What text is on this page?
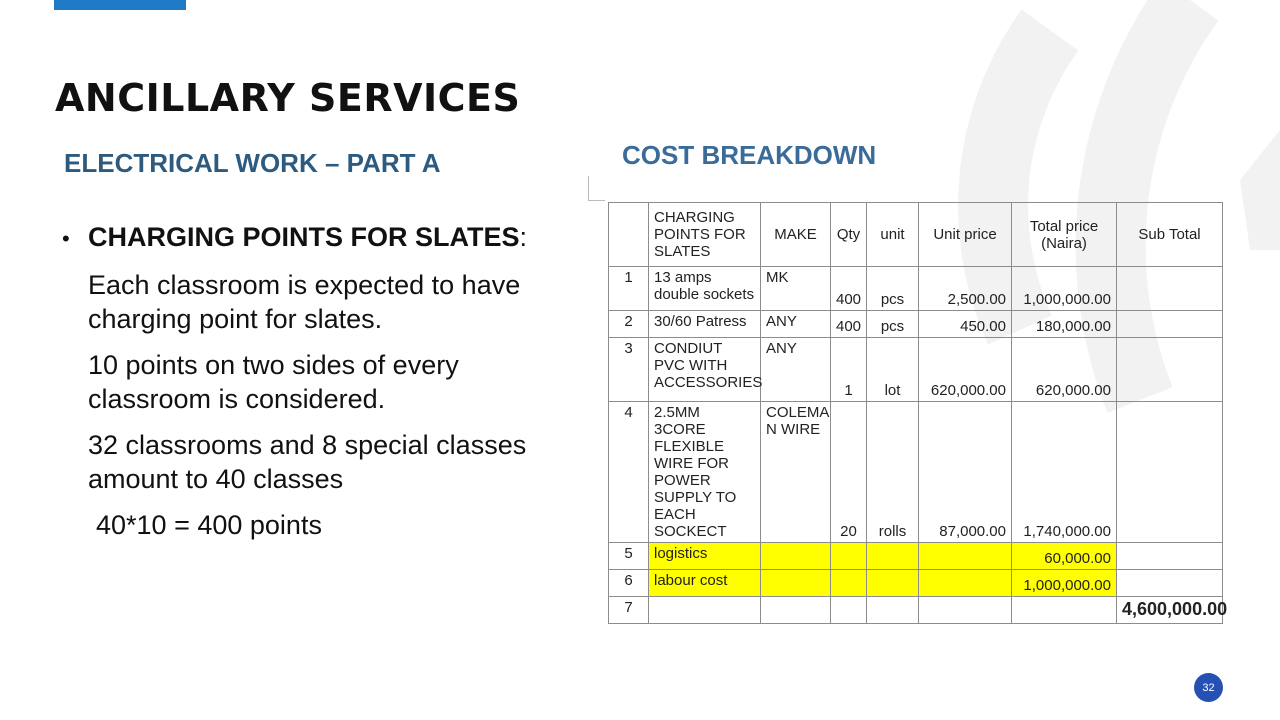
ANCILLARY SERVICES
ELECTRICAL WORK – PART A	COST BREAKDOWN
• CHARGING POINTS FOR SLATES:
Each classroom is expected to have charging point for slates.
10 points on two sides of every classroom is considered.
32 classrooms and 8 special classes amount to 40 classes
40*10 = 400 points
	CHARGING POINTS FOR SLATES	MAKE	Qty	unit	Unit price	Total price (Naira)	Sub Total
1	13 amps double sockets	MK	400	pcs	2,500.00	1,000,000.00	
2	30/60 Patress	ANY	400	pcs	450.00	180,000.00	
3	CONDIUT PVC WITH ACCESSORIES	ANY	1	lot	620,000.00	620,000.00	
4	2.5MM 3CORE FLEXIBLE WIRE FOR POWER SUPPLY TO EACH SOCKECT	COLEMA N WIRE	20	rolls	87,000.00	1,740,000.00	
5	logistics					60,000.00	
6	labour cost					1,000,000.00	
7							4,600,000.00
32
